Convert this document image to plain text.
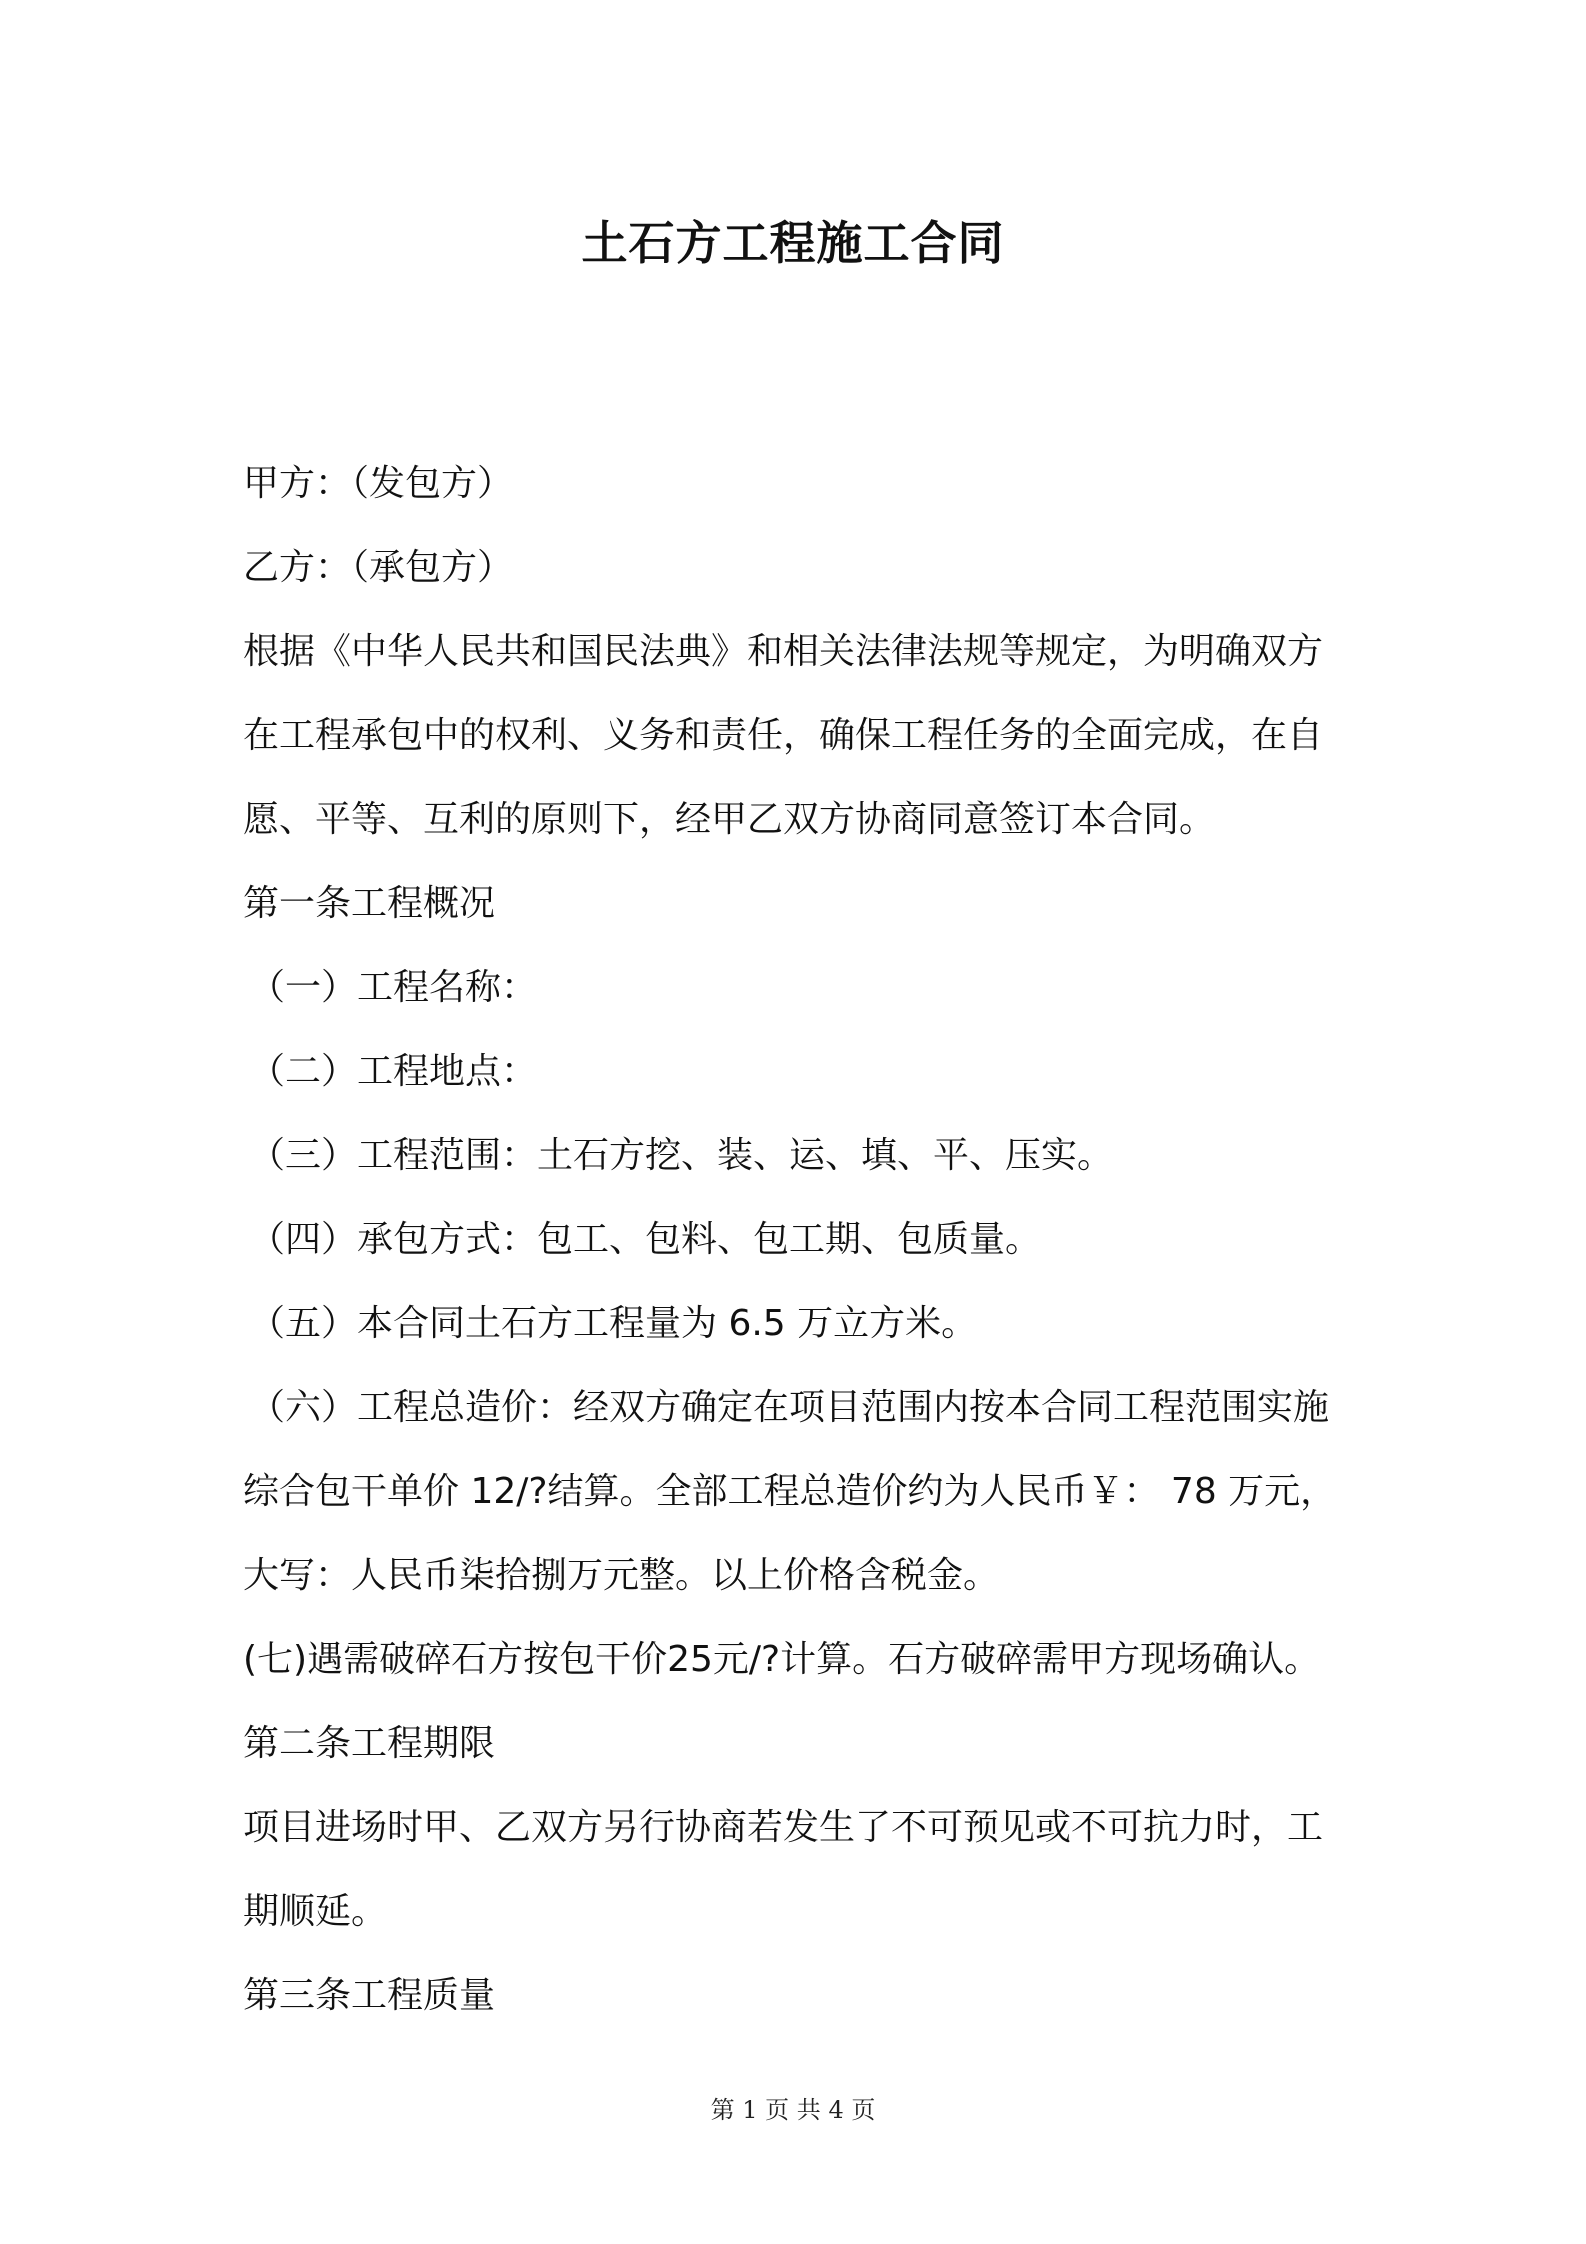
土石方工程施工合同
甲方：（发包方）
乙方：（承包方）
根据《中华人民共和国民法典》和相关法律法规等规定，为明确双方
在工程承包中的权利、义务和责任，确保工程任务的全面完成，在自
愿、平等、互利的原则下，经甲乙双方协商同意签订本合同。
第一条工程概况
（一）工程名称：
（二）工程地点：
（三）工程范围：土石方挖、装、运、填、平、压实。
（四）承包方式：包工、包料、包工期、包质量。
（五）本合同土石方工程量为 6.5 万立方米。
（六）工程总造价：经双方确定在项目范围内按本合同工程范围实施
综合包干单价 12/?结算。全部工程总造价约为人民币￥： 78 万元，
大写：人民币柒拾捌万元整。以上价格含税金。
(七)遇需破碎石方按包干价25元/?计算。石方破碎需甲方现场确认。
第二条工程期限
项目进场时甲、乙双方另行协商若发生了不可预见或不可抗力时，工
期顺延。
第三条工程质量
第 1 页 共 4 页
